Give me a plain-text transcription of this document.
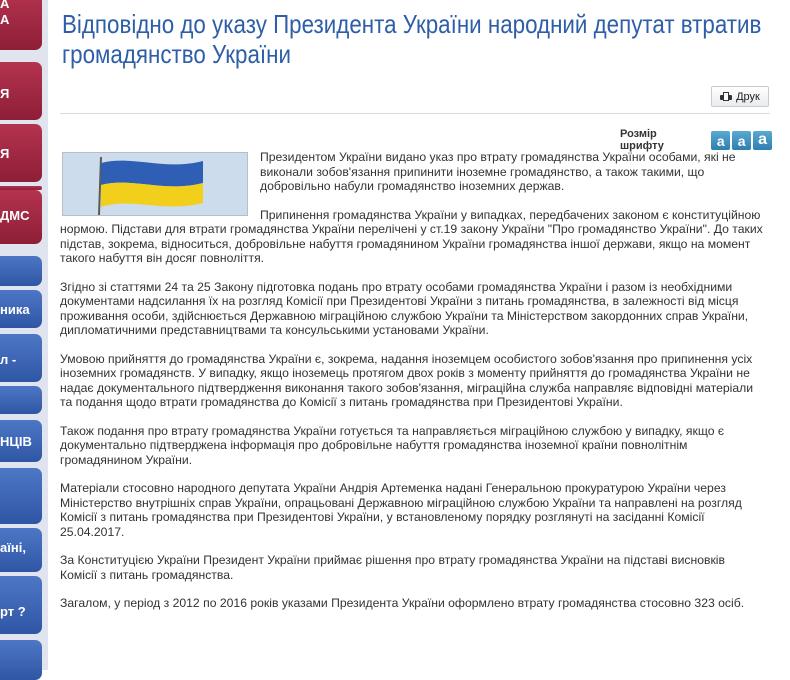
А
А
Я
Я
ДМС
ника
л -
НЦІВ
аїні,
рт ?
Відповідно до указу Президента України народний депутат втратив громадянство України
Друк
Розмір шрифту	a a a

Президентом України видано указ про втрату громадянства України особами, які не виконали зобов'язання припинити іноземне громадянство, а також такими, що добровільно набули громадянство іноземних держав.

Припинення громадянства України у випадках, передбачених законом є конституційною нормою. Підстави для втрати громадянства України перелічені у ст.19 закону України "Про громадянство України". До таких підстав, зокрема, відноситься, добровільне набуття громадянином України громадянства іншої держави, якщо на момент такого набуття він досяг повноліття.

Згідно зі статтями 24 та 25 Закону підготовка подань про втрату особами громадянства України і разом із необхідними документами надсилання їх на розгляд Комісії при Президентові України з питань громадянства, в залежності від місця проживання особи, здійснюється Державною міграційною службою України та Міністерством закордонних справ України, дипломатичними представництвами та консульськими установами України.

Умовою прийняття до громадянства України є, зокрема, надання іноземцем особистого зобов'язання про припинення усіх іноземних громадянств. У випадку, якщо іноземець протягом двох років з моменту прийняття до громадянства України не надає документального підтвердження виконання такого зобов'язання, міграційна служба направляє відповідні матеріали та подання щодо втрати громадянства до Комісії з питань громадянства при Президентові України.

Також подання про втрату громадянства України готується та направляється міграційною службою у випадку, якщо є документально підтверджена інформація про добровільне набуття громадянства іноземної країни повнолітнім громадянином України.

Матеріали стосовно народного депутата України Андрія Артеменка надані Генеральною прокуратурою України через Міністерство внутрішніх справ України, опрацьовані Державною міграційною службою України та направлені на розгляд Комісії з питань громадянства при Президентові України, у встановленому порядку розглянуті на засіданні Комісії 25.04.2017.

За Конституцією України Президент України приймає рішення про втрату громадянства України на підставі висновків Комісії з питань громадянства.

Загалом, у період з 2012 по 2016 років указами Президента України оформлено втрату громадянства стосовно 323 осіб.
